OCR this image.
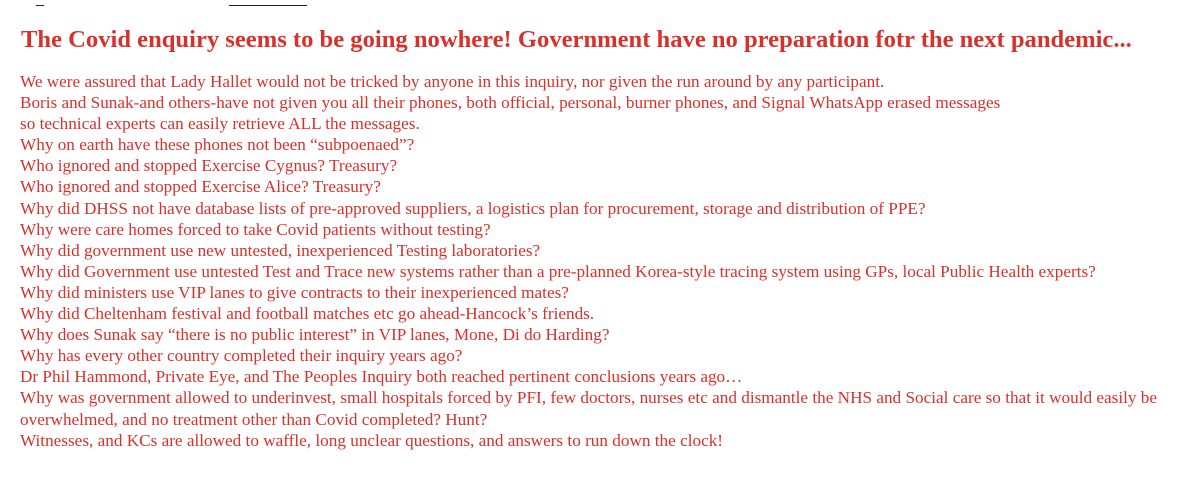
The Covid enquiry seems to be going nowhere! Government have no preparation fotr the next pandemic...
We were assured that Lady Hallet would not be tricked by anyone in this inquiry, nor given the run around by any participant.
Boris and Sunak-and others-have not given you all their phones, both official, personal, burner phones, and Signal WhatsApp erased messages
so technical experts can easily retrieve ALL the messages.
Why on earth have these phones not been “subpoenaed”?
Who ignored and stopped Exercise Cygnus? Treasury?
Who ignored and stopped Exercise Alice? Treasury?
Why did DHSS not have database lists of pre-approved suppliers, a logistics plan for procurement, storage and distribution of PPE?
Why were care homes forced to take Covid patients without testing?
Why did government use new untested, inexperienced Testing laboratories?
Why did Government use untested Test and Trace new systems rather than a pre-planned Korea-style tracing system using GPs, local Public Health experts?
Why did ministers use VIP lanes to give contracts to their inexperienced mates?
Why did Cheltenham festival and football matches etc go ahead-Hancock’s friends.
Why does Sunak say “there is no public interest” in VIP lanes, Mone, Di do Harding?
Why has every other country completed their inquiry years ago?
Dr Phil Hammond, Private Eye, and The Peoples Inquiry both reached pertinent conclusions years ago…
Why was government allowed to underinvest, small hospitals forced by PFI, few doctors, nurses etc and dismantle the NHS and Social care so that it would easily be overwhelmed, and no treatment other than Covid completed? Hunt?
Witnesses, and KCs are allowed to waffle, long unclear questions, and answers to run down the clock!
